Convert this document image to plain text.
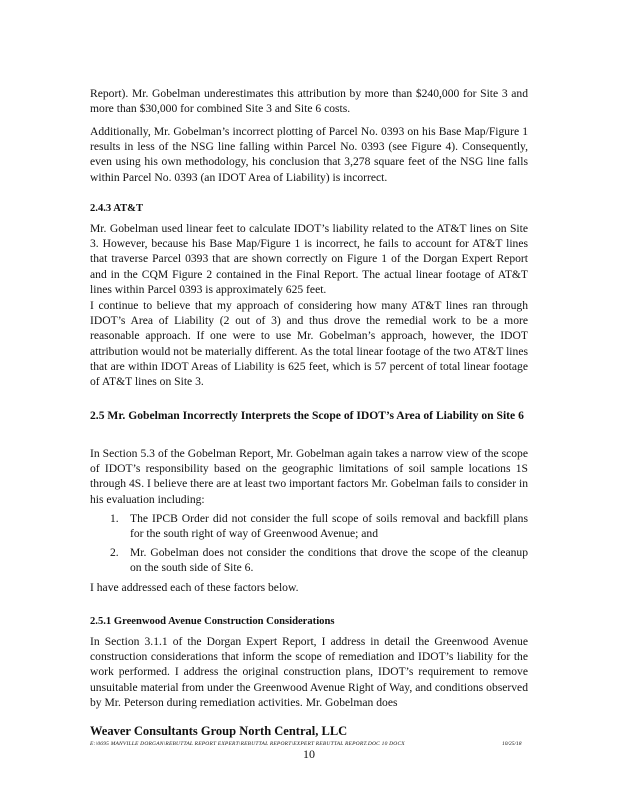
Report). Mr. Gobelman underestimates this attribution by more than $240,000 for Site 3 and more than $30,000 for combined Site 3 and Site 6 costs.

Additionally, Mr. Gobelman’s incorrect plotting of Parcel No. 0393 on his Base Map/Figure 1 results in less of the NSG line falling within Parcel No. 0393 (see Figure 4). Consequently, even using his own methodology, his conclusion that 3,278 square feet of the NSG line falls within Parcel No. 0393 (an IDOT Area of Liability) is incorrect.

2.4.3 AT&T

Mr. Gobelman used linear feet to calculate IDOT’s liability related to the AT&T lines on Site 3. However, because his Base Map/Figure 1 is incorrect, he fails to account for AT&T lines that traverse Parcel 0393 that are shown correctly on Figure 1 of the Dorgan Expert Report and in the CQM Figure 2 contained in the Final Report. The actual linear footage of AT&T lines within Parcel 0393 is approximately 625 feet.

I continue to believe that my approach of considering how many AT&T lines ran through IDOT’s Area of Liability (2 out of 3) and thus drove the remedial work to be a more reasonable approach. If one were to use Mr. Gobelman’s approach, however, the IDOT attribution would not be materially different. As the total linear footage of the two AT&T lines that are within IDOT Areas of Liability is 625 feet, which is 57 percent of total linear footage of AT&T lines on Site 3.

2.5 Mr. Gobelman Incorrectly Interprets the Scope of IDOT’s Area of Liability on Site 6

In Section 5.3 of the Gobelman Report, Mr. Gobelman again takes a narrow view of the scope of IDOT’s responsibility based on the geographic limitations of soil sample locations 1S through 4S. I believe there are at least two important factors Mr. Gobelman fails to consider in his evaluation including:

1. The IPCB Order did not consider the full scope of soils removal and backfill plans for the south right of way of Greenwood Avenue; and
2. Mr. Gobelman does not consider the conditions that drove the scope of the cleanup on the south side of Site 6.

I have addressed each of these factors below.

2.5.1 Greenwood Avenue Construction Considerations

In Section 3.1.1 of the Dorgan Expert Report, I address in detail the Greenwood Avenue construction considerations that inform the scope of remediation and IDOT’s liability for the work performed. I address the original construction plans, IDOT’s requirement to remove unsuitable material from under the Greenwood Avenue Right of Way, and conditions observed by Mr. Peterson during remediation activities. Mr. Gobelman does

Weaver Consultants Group North Central, LLC

E:\0695 MANVILLE DORGAN\REBUTTAL REPORT EXPERT\REBUTTAL REPORT\EXPERT REBUTTAL REPORT.DOC 10 DOCX	10/25/18

10
